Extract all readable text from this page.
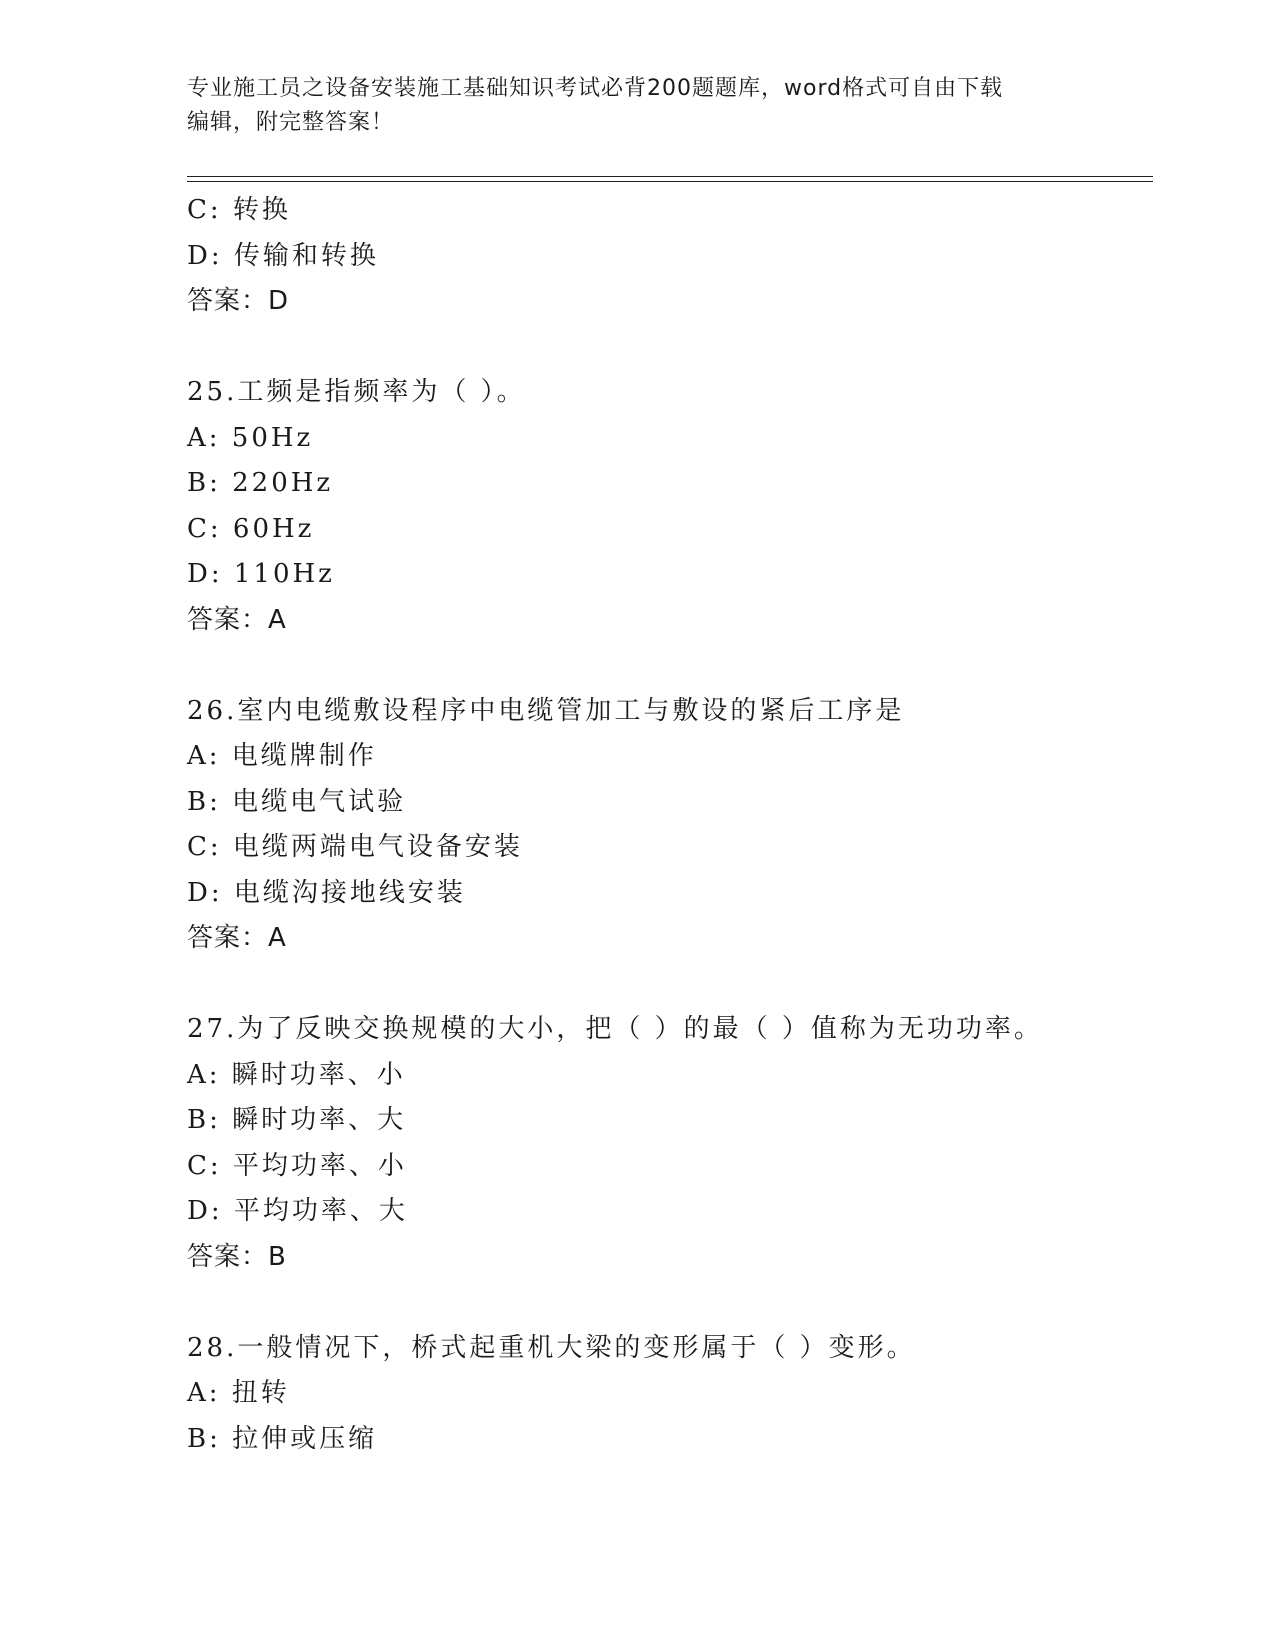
专业施工员之设备安装施工基础知识考试必背200题题库，word格式可自由下载
编辑，附完整答案！
C: 转换
D: 传输和转换
答案：D
25.工频是指频率为（ ）。
A: 50Hz
B: 220Hz
C: 60Hz
D: 110Hz
答案：A
26.室内电缆敷设程序中电缆管加工与敷设的紧后工序是
A: 电缆牌制作
B: 电缆电气试验
C: 电缆两端电气设备安装
D: 电缆沟接地线安装
答案：A
27.为了反映交换规模的大小，把（ ）的最（ ）值称为无功功率。
A: 瞬时功率、小
B: 瞬时功率、大
C: 平均功率、小
D: 平均功率、大
答案：B
28.一般情况下，桥式起重机大梁的变形属于（ ）变形。
A: 扭转
B: 拉伸或压缩
